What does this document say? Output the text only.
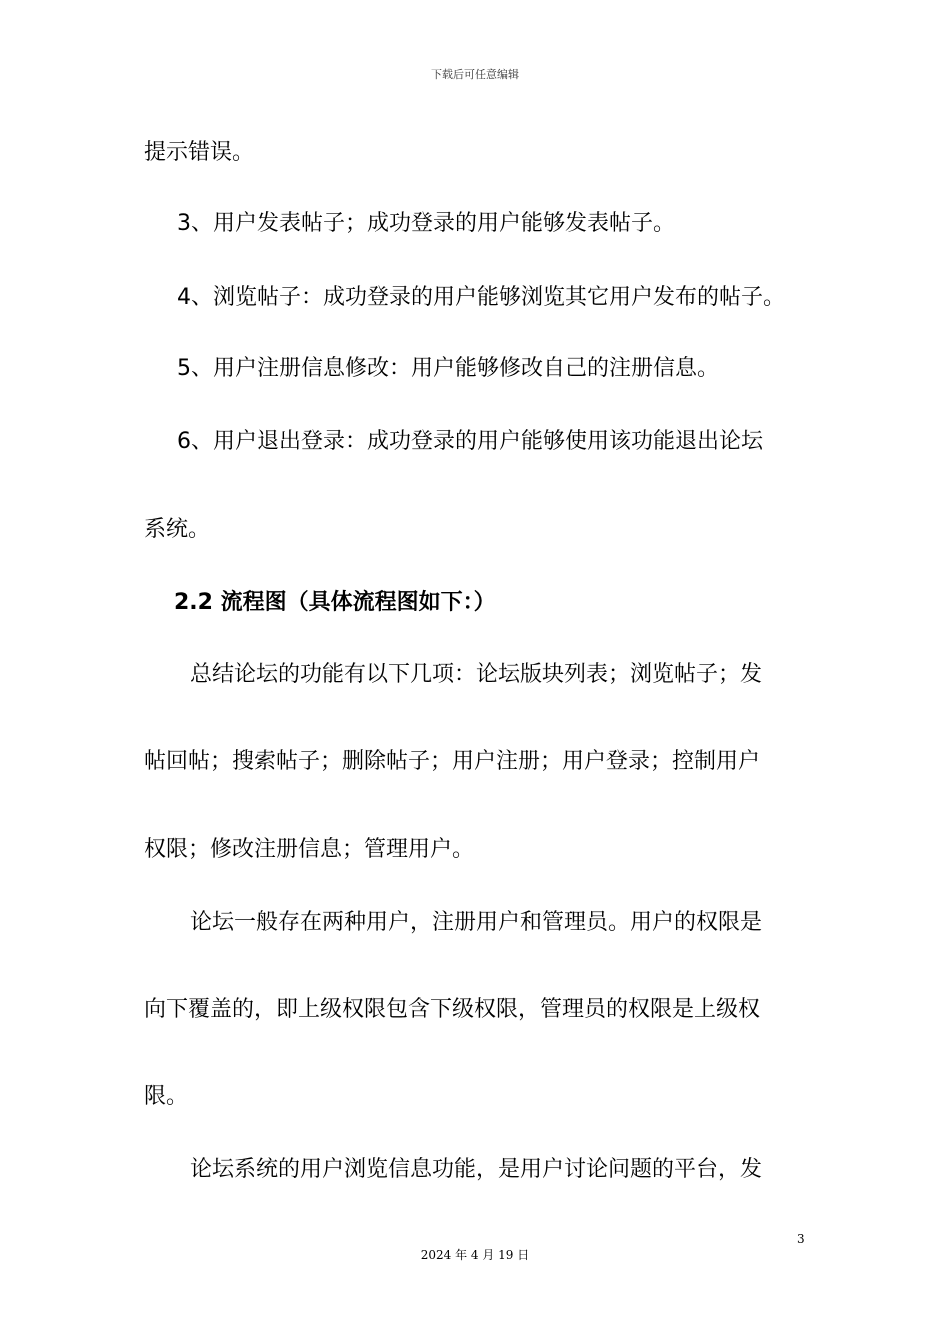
下载后可任意编辑
提示错误。
3、用户发表帖子；成功登录的用户能够发表帖子。
4、浏览帖子：成功登录的用户能够浏览其它用户发布的帖子。
5、用户注册信息修改：用户能够修改自己的注册信息。
6、用户退出登录：成功登录的用户能够使用该功能退出论坛
系统。
2.2 流程图（具体流程图如下：）
总结论坛的功能有以下几项：论坛版块列表；浏览帖子；发
帖回帖；搜索帖子；删除帖子；用户注册；用户登录；控制用户
权限；修改注册信息；管理用户。
论坛一般存在两种用户，注册用户和管理员。用户的权限是
向下覆盖的，即上级权限包含下级权限，管理员的权限是上级权
限。
论坛系统的用户浏览信息功能，是用户讨论问题的平台，发
3
2024 年 4 月 19 日
